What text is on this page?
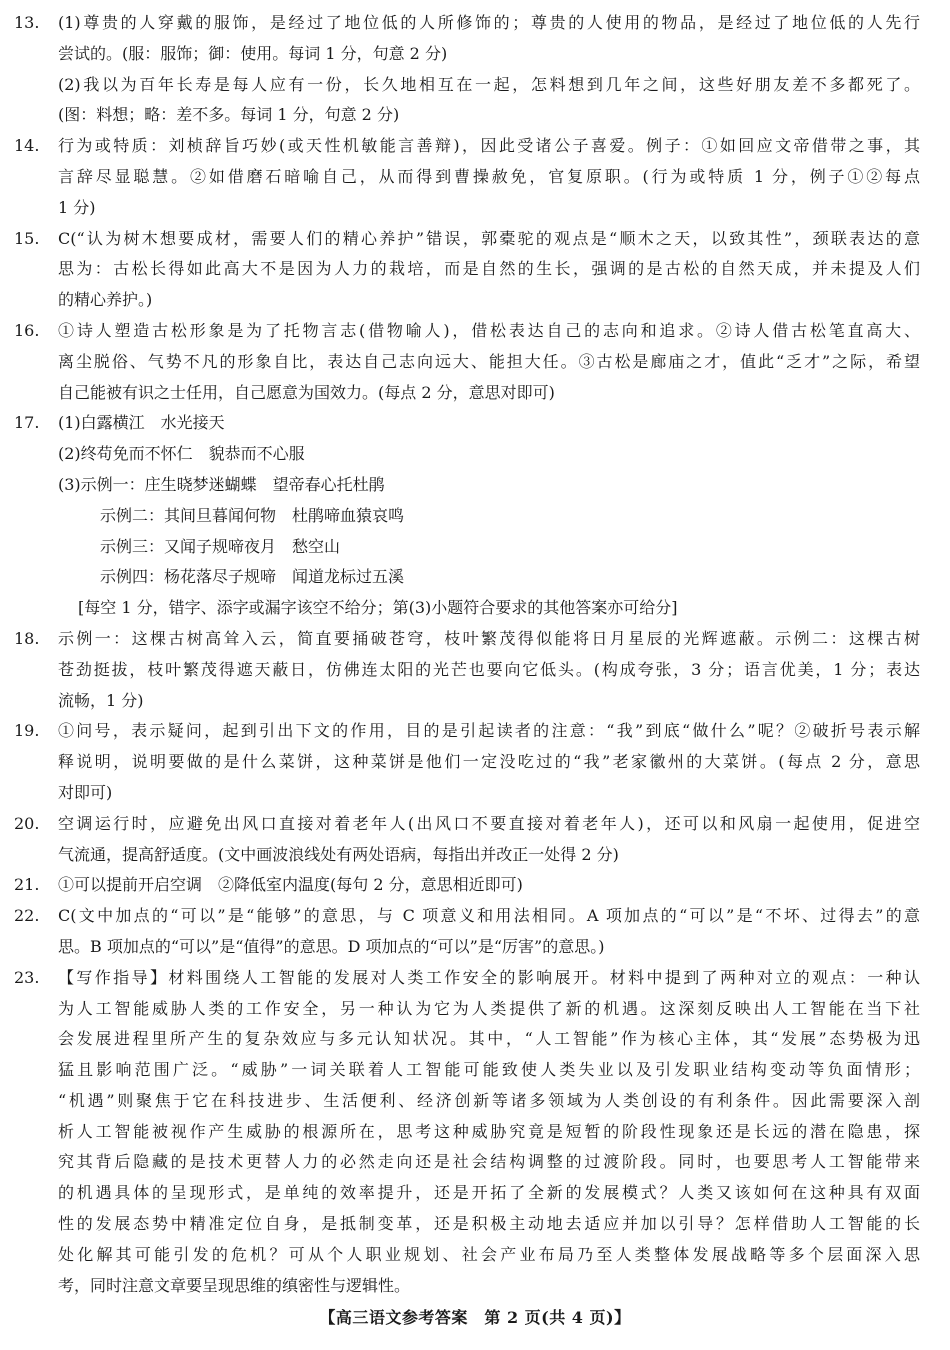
13. (1)尊贵的人穿戴的服饰，是经过了地位低的人所修饰的；尊贵的人使用的物品，是经过了地位低的人先行
尝试的。(服：服饰；御：使用。每词 1 分，句意 2 分)
(2)我以为百年长寿是每人应有一份，长久地相互在一起，怎料想到几年之间，这些好朋友差不多都死了。
(图：料想；略：差不多。每词 1 分，句意 2 分)
14. 行为或特质：刘桢辞旨巧妙(或天性机敏能言善辩)，因此受诸公子喜爱。例子：①如回应文帝借带之事，其
言辞尽显聪慧。②如借磨石暗喻自己，从而得到曹操赦免，官复原职。(行为或特质 1 分，例子①②每点
1 分)
15. C(“认为树木想要成材，需要人们的精心养护”错误，郭橐驼的观点是“顺木之天，以致其性”，颈联表达的意
思为：古松长得如此高大不是因为人力的栽培，而是自然的生长，强调的是古松的自然天成，并未提及人们
的精心养护。)
16. ①诗人塑造古松形象是为了托物言志(借物喻人)，借松表达自己的志向和追求。②诗人借古松笔直高大、
离尘脱俗、气势不凡的形象自比，表达自己志向远大、能担大任。③古松是廊庙之才，值此“乏才”之际，希望
自己能被有识之士任用，自己愿意为国效力。(每点 2 分，意思对即可)
17. (1)白露横江　水光接天
(2)终苟免而不怀仁　貌恭而不心服
(3)示例一：庄生晓梦迷蝴蝶　望帝春心托杜鹃
示例二：其间旦暮闻何物　杜鹃啼血猿哀鸣
示例三：又闻子规啼夜月　愁空山
示例四：杨花落尽子规啼　闻道龙标过五溪
[每空 1 分，错字、添字或漏字该空不给分；第(3)小题符合要求的其他答案亦可给分]
18. 示例一：这棵古树高耸入云，简直要捅破苍穹，枝叶繁茂得似能将日月星辰的光辉遮蔽。示例二：这棵古树
苍劲挺拔，枝叶繁茂得遮天蔽日，仿佛连太阳的光芒也要向它低头。(构成夸张，3 分；语言优美，1 分；表达
流畅，1 分)
19. ①问号，表示疑问，起到引出下文的作用，目的是引起读者的注意：“我”到底“做什么”呢？②破折号表示解
释说明，说明要做的是什么菜饼，这种菜饼是他们一定没吃过的“我”老家徽州的大菜饼。(每点 2 分，意思
对即可)
20. 空调运行时，应避免出风口直接对着老年人(出风口不要直接对着老年人)，还可以和风扇一起使用，促进空
气流通，提高舒适度。(文中画波浪线处有两处语病，每指出并改正一处得 2 分)
21. ①可以提前开启空调　②降低室内温度(每句 2 分，意思相近即可)
22. C(文中加点的“可以”是“能够”的意思，与 C 项意义和用法相同。A 项加点的“可以”是“不坏、过得去”的意
思。B 项加点的“可以”是“值得”的意思。D 项加点的“可以”是“厉害”的意思。)
23. 【写作指导】材料围绕人工智能的发展对人类工作安全的影响展开。材料中提到了两种对立的观点：一种认
为人工智能威胁人类的工作安全，另一种认为它为人类提供了新的机遇。这深刻反映出人工智能在当下社
会发展进程里所产生的复杂效应与多元认知状况。其中，“人工智能”作为核心主体，其“发展”态势极为迅
猛且影响范围广泛。“威胁”一词关联着人工智能可能致使人类失业以及引发职业结构变动等负面情形；
“机遇”则聚焦于它在科技进步、生活便利、经济创新等诸多领域为人类创设的有利条件。因此需要深入剖
析人工智能被视作产生威胁的根源所在，思考这种威胁究竟是短暂的阶段性现象还是长远的潜在隐患，探
究其背后隐藏的是技术更替人力的必然走向还是社会结构调整的过渡阶段。同时，也要思考人工智能带来
的机遇具体的呈现形式，是单纯的效率提升，还是开拓了全新的发展模式？人类又该如何在这种具有双面
性的发展态势中精准定位自身，是抵制变革，还是积极主动地去适应并加以引导？怎样借助人工智能的长
处化解其可能引发的危机？可从个人职业规划、社会产业布局乃至人类整体发展战略等多个层面深入思
考，同时注意文章要呈现思维的缜密性与逻辑性。
【高三语文参考答案　第 2 页(共 4 页)】
